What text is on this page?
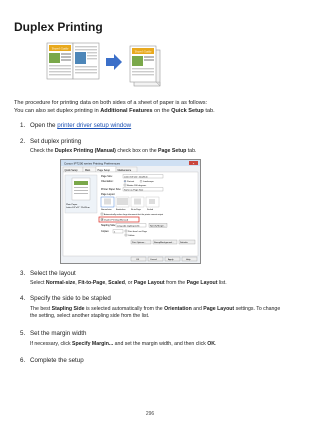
Duplex Printing
Travel Guide
Travel Guide
The procedure for printing data on both sides of a sheet of paper is as follows:
You can also set duplex printing in Additional Features on the Quick Setup tab.
1. Open the printer driver setup window
2. Set duplex printing
Check the Duplex Printing (Manual) check box on the Page Setup tab.
Canon IP7200 series Printing Preferences	×
Quick Setup	Main	Page Setup	Maintenance
Plain Paper
Letter 8.5"x11" 22x28cm
Page Size:	Letter 8.5"x11" 22x28cm
Orientation:	Portrait	Landscape
Rotate 180 degrees
Printer Paper Size: Same as Page Size
Page Layout:
Normal-size	Borderless	Fit-to-Page	Scaled
Automatically reduce large document that the printer cannot output
Duplex Printing (Manual)
Stapling Side: Long-side stapling (Left)	Specify Margin...
Copies: 1	Print from Last Page
Collate
Print Options...	Stamp/Background...	Defaults
OK	Cancel	Apply	Help
3. Select the layout
Select Normal-size, Fit-to-Page, Scaled, or Page Layout from the Page Layout list.
4. Specify the side to be stapled
The best Stapling Side is selected automatically from the Orientation and Page Layout settings. To change the setting, select another stapling side from the list.
5. Set the margin width
If necessary, click Specify Margin... and set the margin width, and then click OK.
6. Complete the setup
296
